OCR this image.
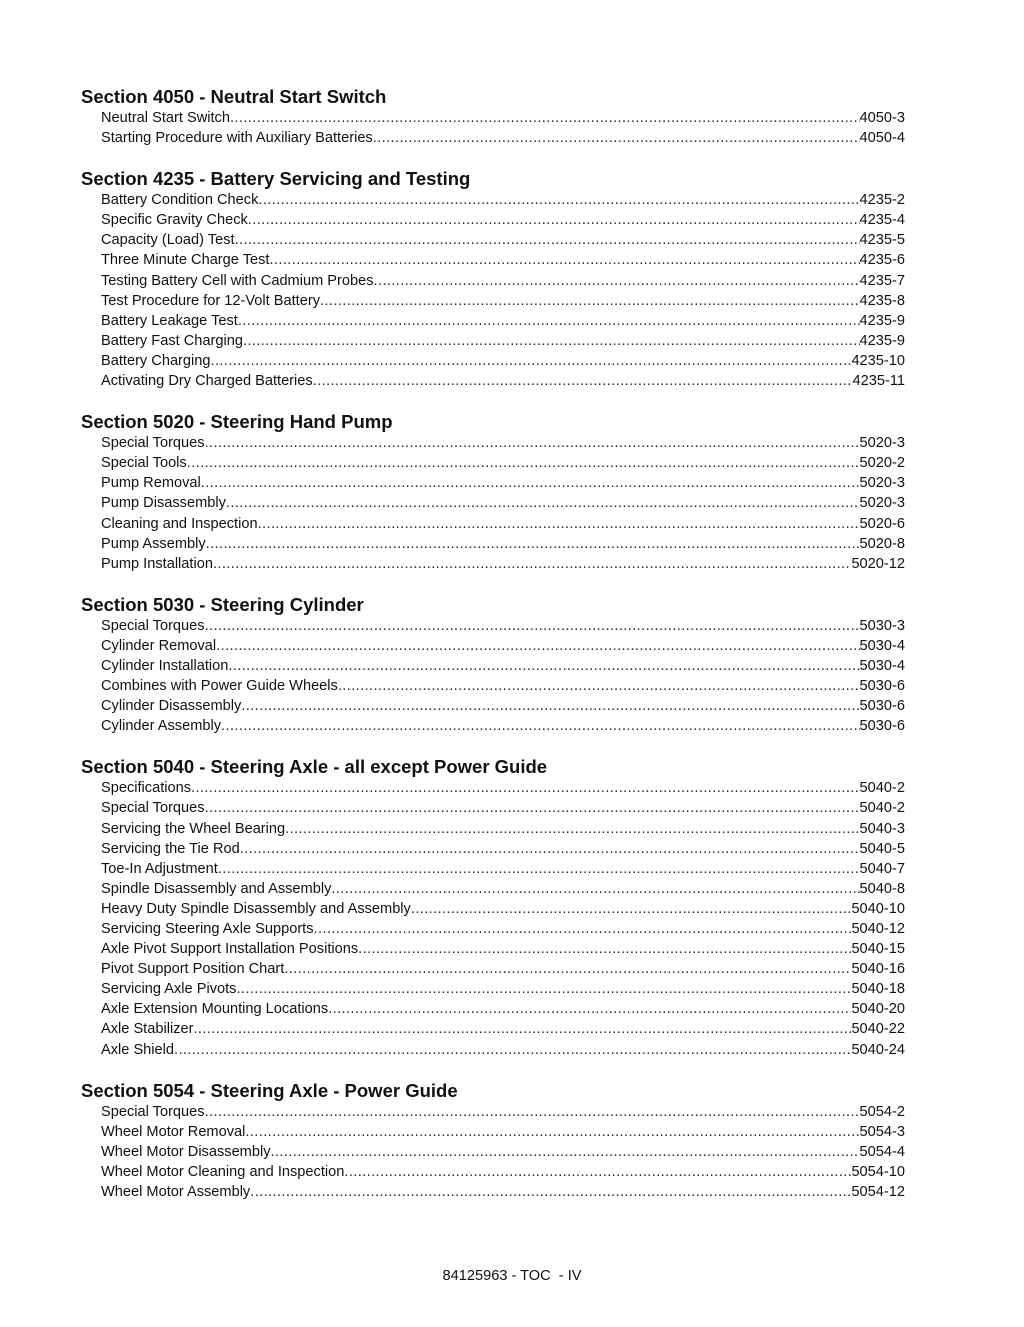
Section 4050 - Neutral Start Switch
Neutral Start Switch .....	4050-3
Starting Procedure with Auxiliary Batteries .....	4050-4
Section 4235 - Battery Servicing and Testing
Battery Condition Check .....	4235-2
Specific Gravity Check .....	4235-4
Capacity (Load) Test .....	4235-5
Three Minute Charge Test .....	4235-6
Testing Battery Cell with Cadmium Probes .....	4235-7
Test Procedure for 12-Volt Battery .....	4235-8
Battery Leakage Test .....	4235-9
Battery Fast Charging .....	4235-9
Battery Charging .....	4235-10
Activating Dry Charged Batteries .....	4235-11
Section 5020 - Steering Hand Pump
Special Torques .....	5020-3
Special Tools .....	5020-2
Pump Removal .....	5020-3
Pump Disassembly .....	5020-3
Cleaning and Inspection .....	5020-6
Pump Assembly .....	5020-8
Pump Installation .....	5020-12
Section 5030 - Steering Cylinder
Special Torques .....	5030-3
Cylinder Removal .....	5030-4
Cylinder Installation .....	5030-4
Combines with Power Guide Wheels .....	5030-6
Cylinder Disassembly .....	5030-6
Cylinder Assembly .....	5030-6
Section 5040 - Steering Axle - all except Power Guide
Specifications .....	5040-2
Special Torques .....	5040-2
Servicing the Wheel Bearing .....	5040-3
Servicing the Tie Rod .....	5040-5
Toe-In Adjustment .....	5040-7
Spindle Disassembly and Assembly .....	5040-8
Heavy Duty Spindle Disassembly and Assembly .....	5040-10
Servicing Steering Axle Supports .....	5040-12
Axle Pivot Support Installation Positions .....	5040-15
Pivot Support Position Chart .....	5040-16
Servicing Axle Pivots .....	5040-18
Axle Extension Mounting Locations .....	5040-20
Axle Stabilizer .....	5040-22
Axle Shield .....	5040-24
Section 5054 - Steering Axle - Power Guide
Special Torques .....	5054-2
Wheel Motor Removal .....	5054-3
Wheel Motor Disassembly .....	5054-4
Wheel Motor Cleaning and Inspection .....	5054-10
Wheel Motor Assembly .....	5054-12
84125963 - TOC  - IV
